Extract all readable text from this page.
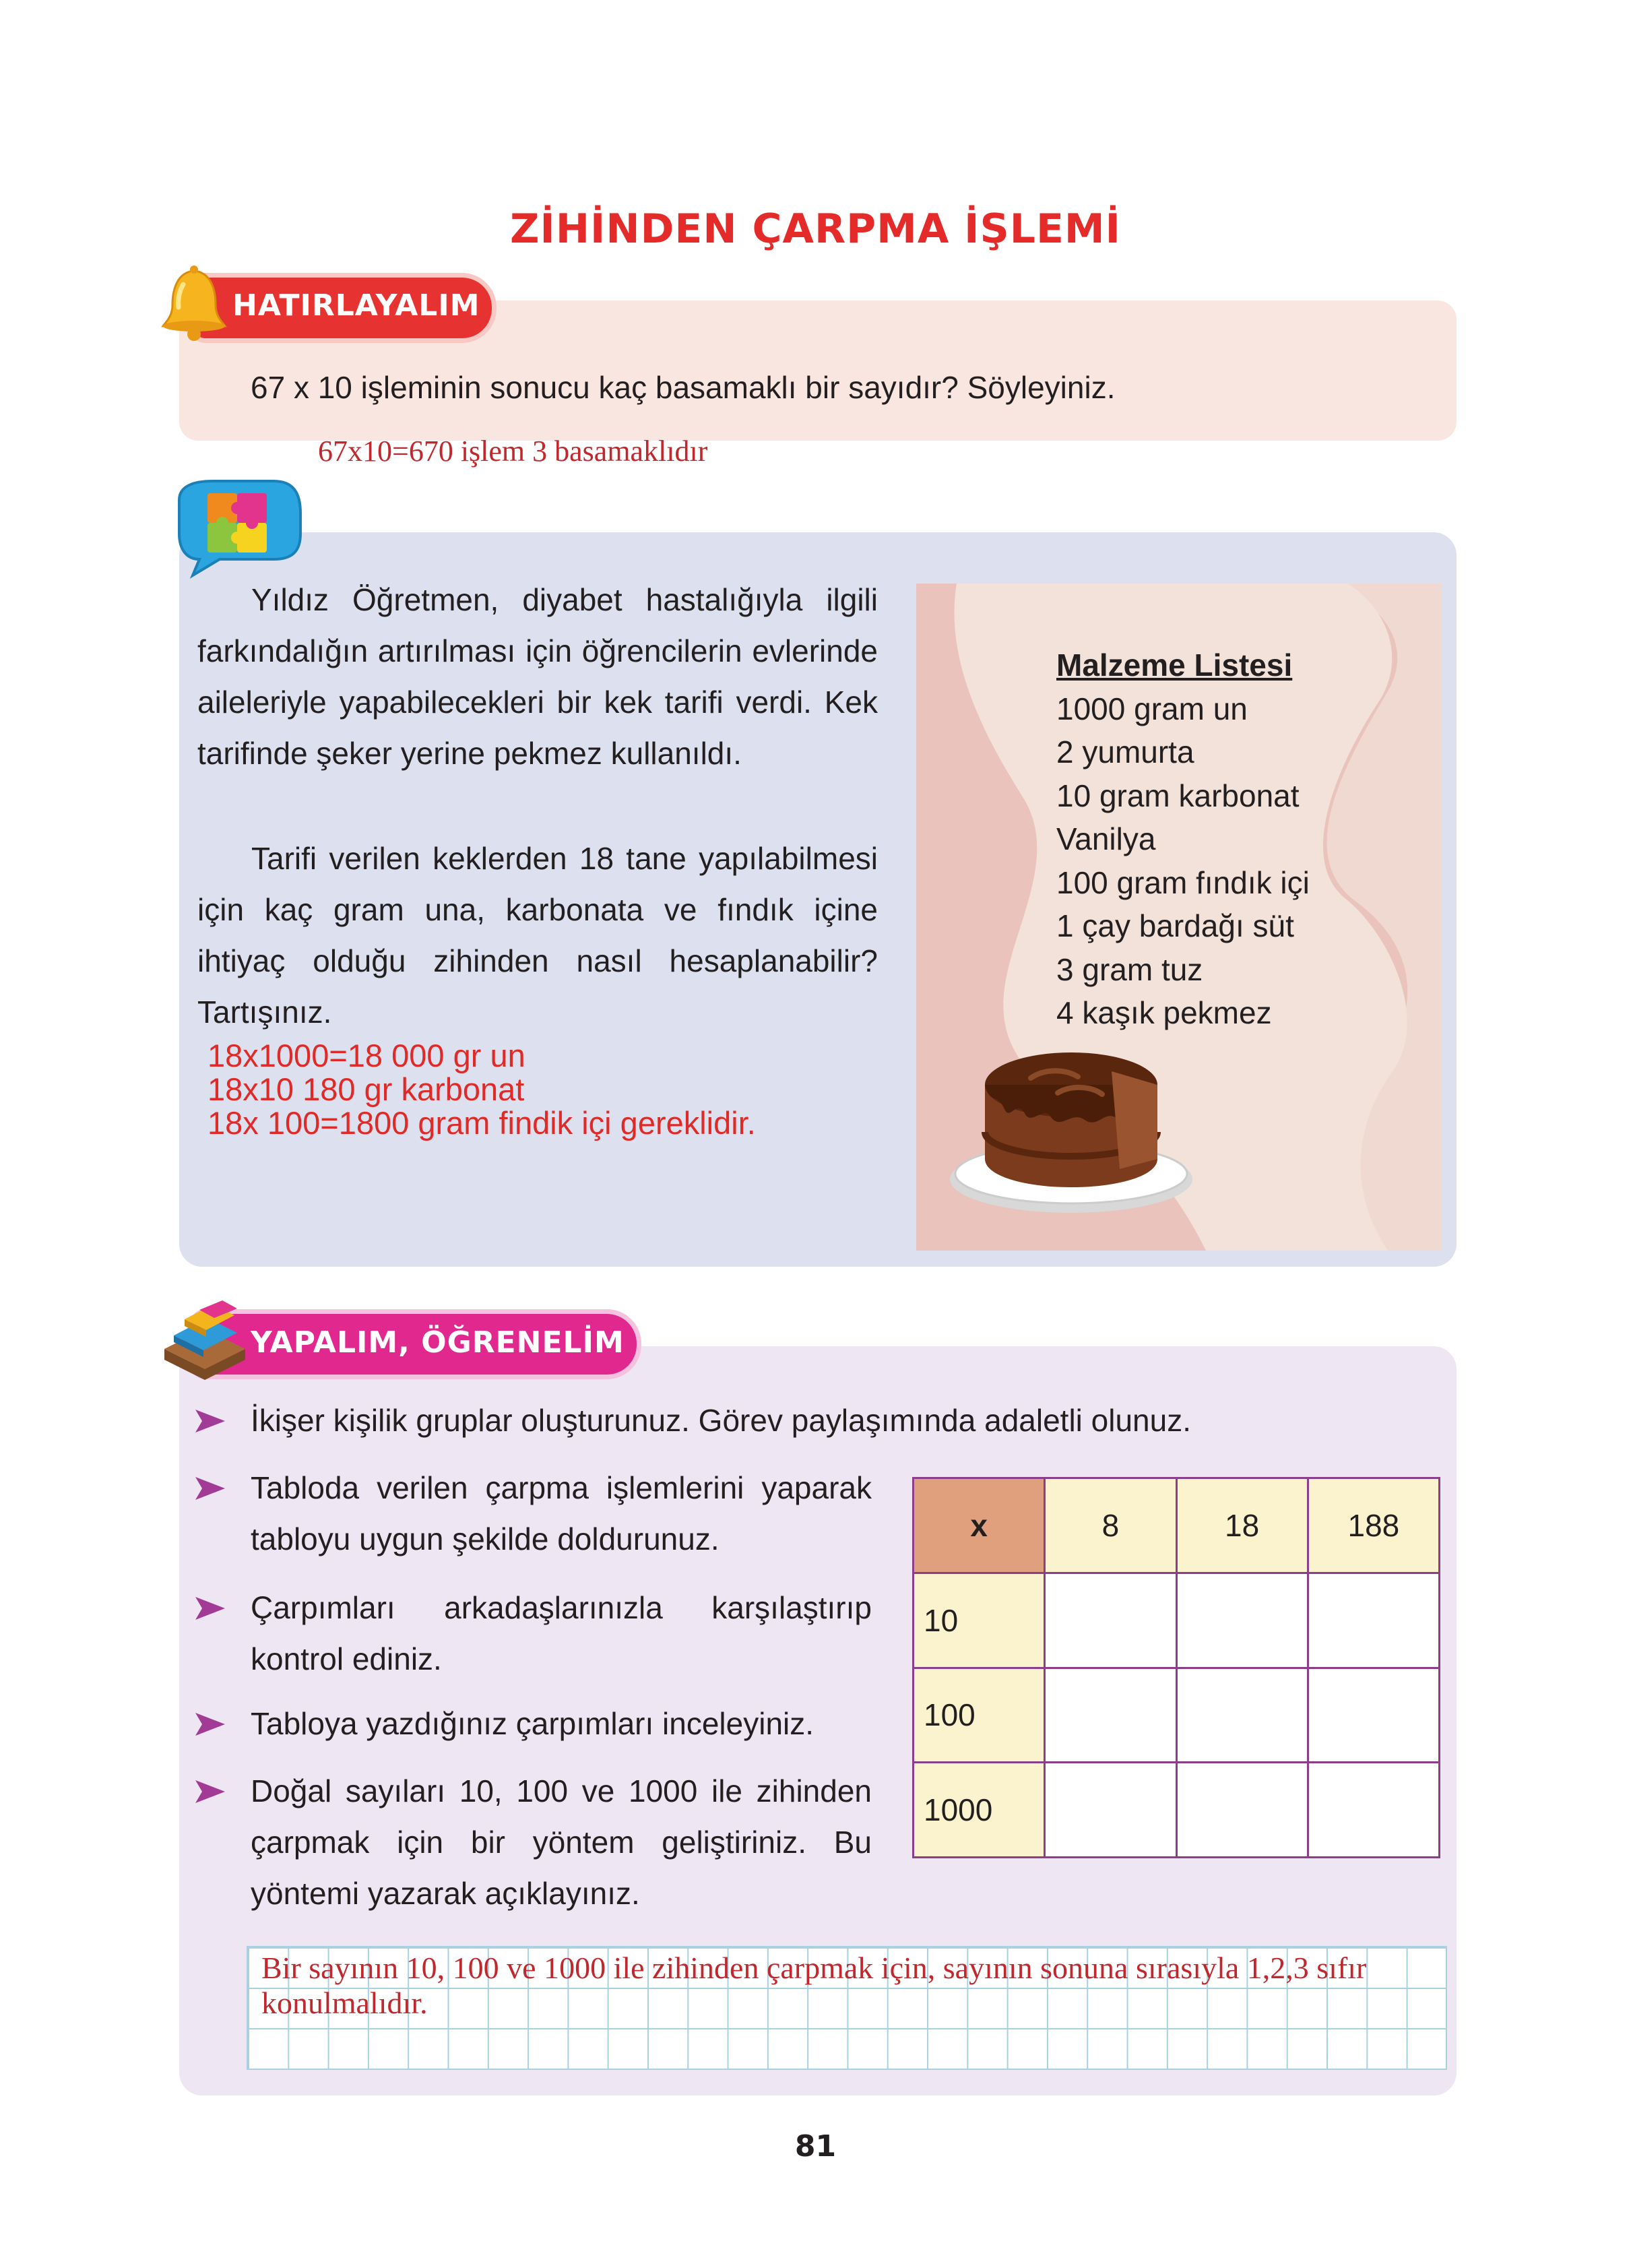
ZİHİNDEN ÇARPMA İŞLEMİ
HATIRLAYALIM
67 x 10 işleminin sonucu kaç basamaklı bir sayıdır? Söyleyiniz.
67x10=670 işlem 3 basamaklıdır
Yıldız Öğretmen, diyabet hastalığıyla ilgili farkındalığın artırılması için öğrencilerin evlerinde aileleriyle yapabilecekleri bir kek tarifi verdi. Kek tarifinde şeker yerine pekmez kullanıldı.
Tarifi verilen keklerden 18 tane yapılabilmesi için kaç gram una, karbonata ve fındık içine ihtiyaç olduğu zihinden nasıl hesaplanabilir? Tartışınız.
18x1000=18 000 gr un
18x10 180 gr karbonat
18x 100=1800 gram findik içi gereklidir.
Malzeme Listesi
1000 gram un
2 yumurta
10 gram karbonat
Vanilya
100 gram fındık içi
1 çay bardağı süt
3 gram tuz
4 kaşık pekmez
YAPALIM, ÖĞRENELİM
İkişer kişilik gruplar oluşturunuz. Görev paylaşımında adaletli olunuz.
Tabloda verilen çarpma işlemlerini yaparak tabloyu uygun şekilde doldurunuz.
Çarpımları arkadaşlarınızla karşılaştırıp kontrol ediniz.
Tabloya yazdığınız çarpımları inceleyiniz.
Doğal sayıları 10, 100 ve 1000 ile zihinden çarpmak için bir yöntem geliştiriniz. Bu yöntemi yazarak açıklayınız.
x	8	18	188
10			
100			
1000			
Bir sayının 10, 100 ve 1000 ile zihinden çarpmak için, sayının sonuna sırasıyla 1,2,3 sıfır konulmalıdır.
81
